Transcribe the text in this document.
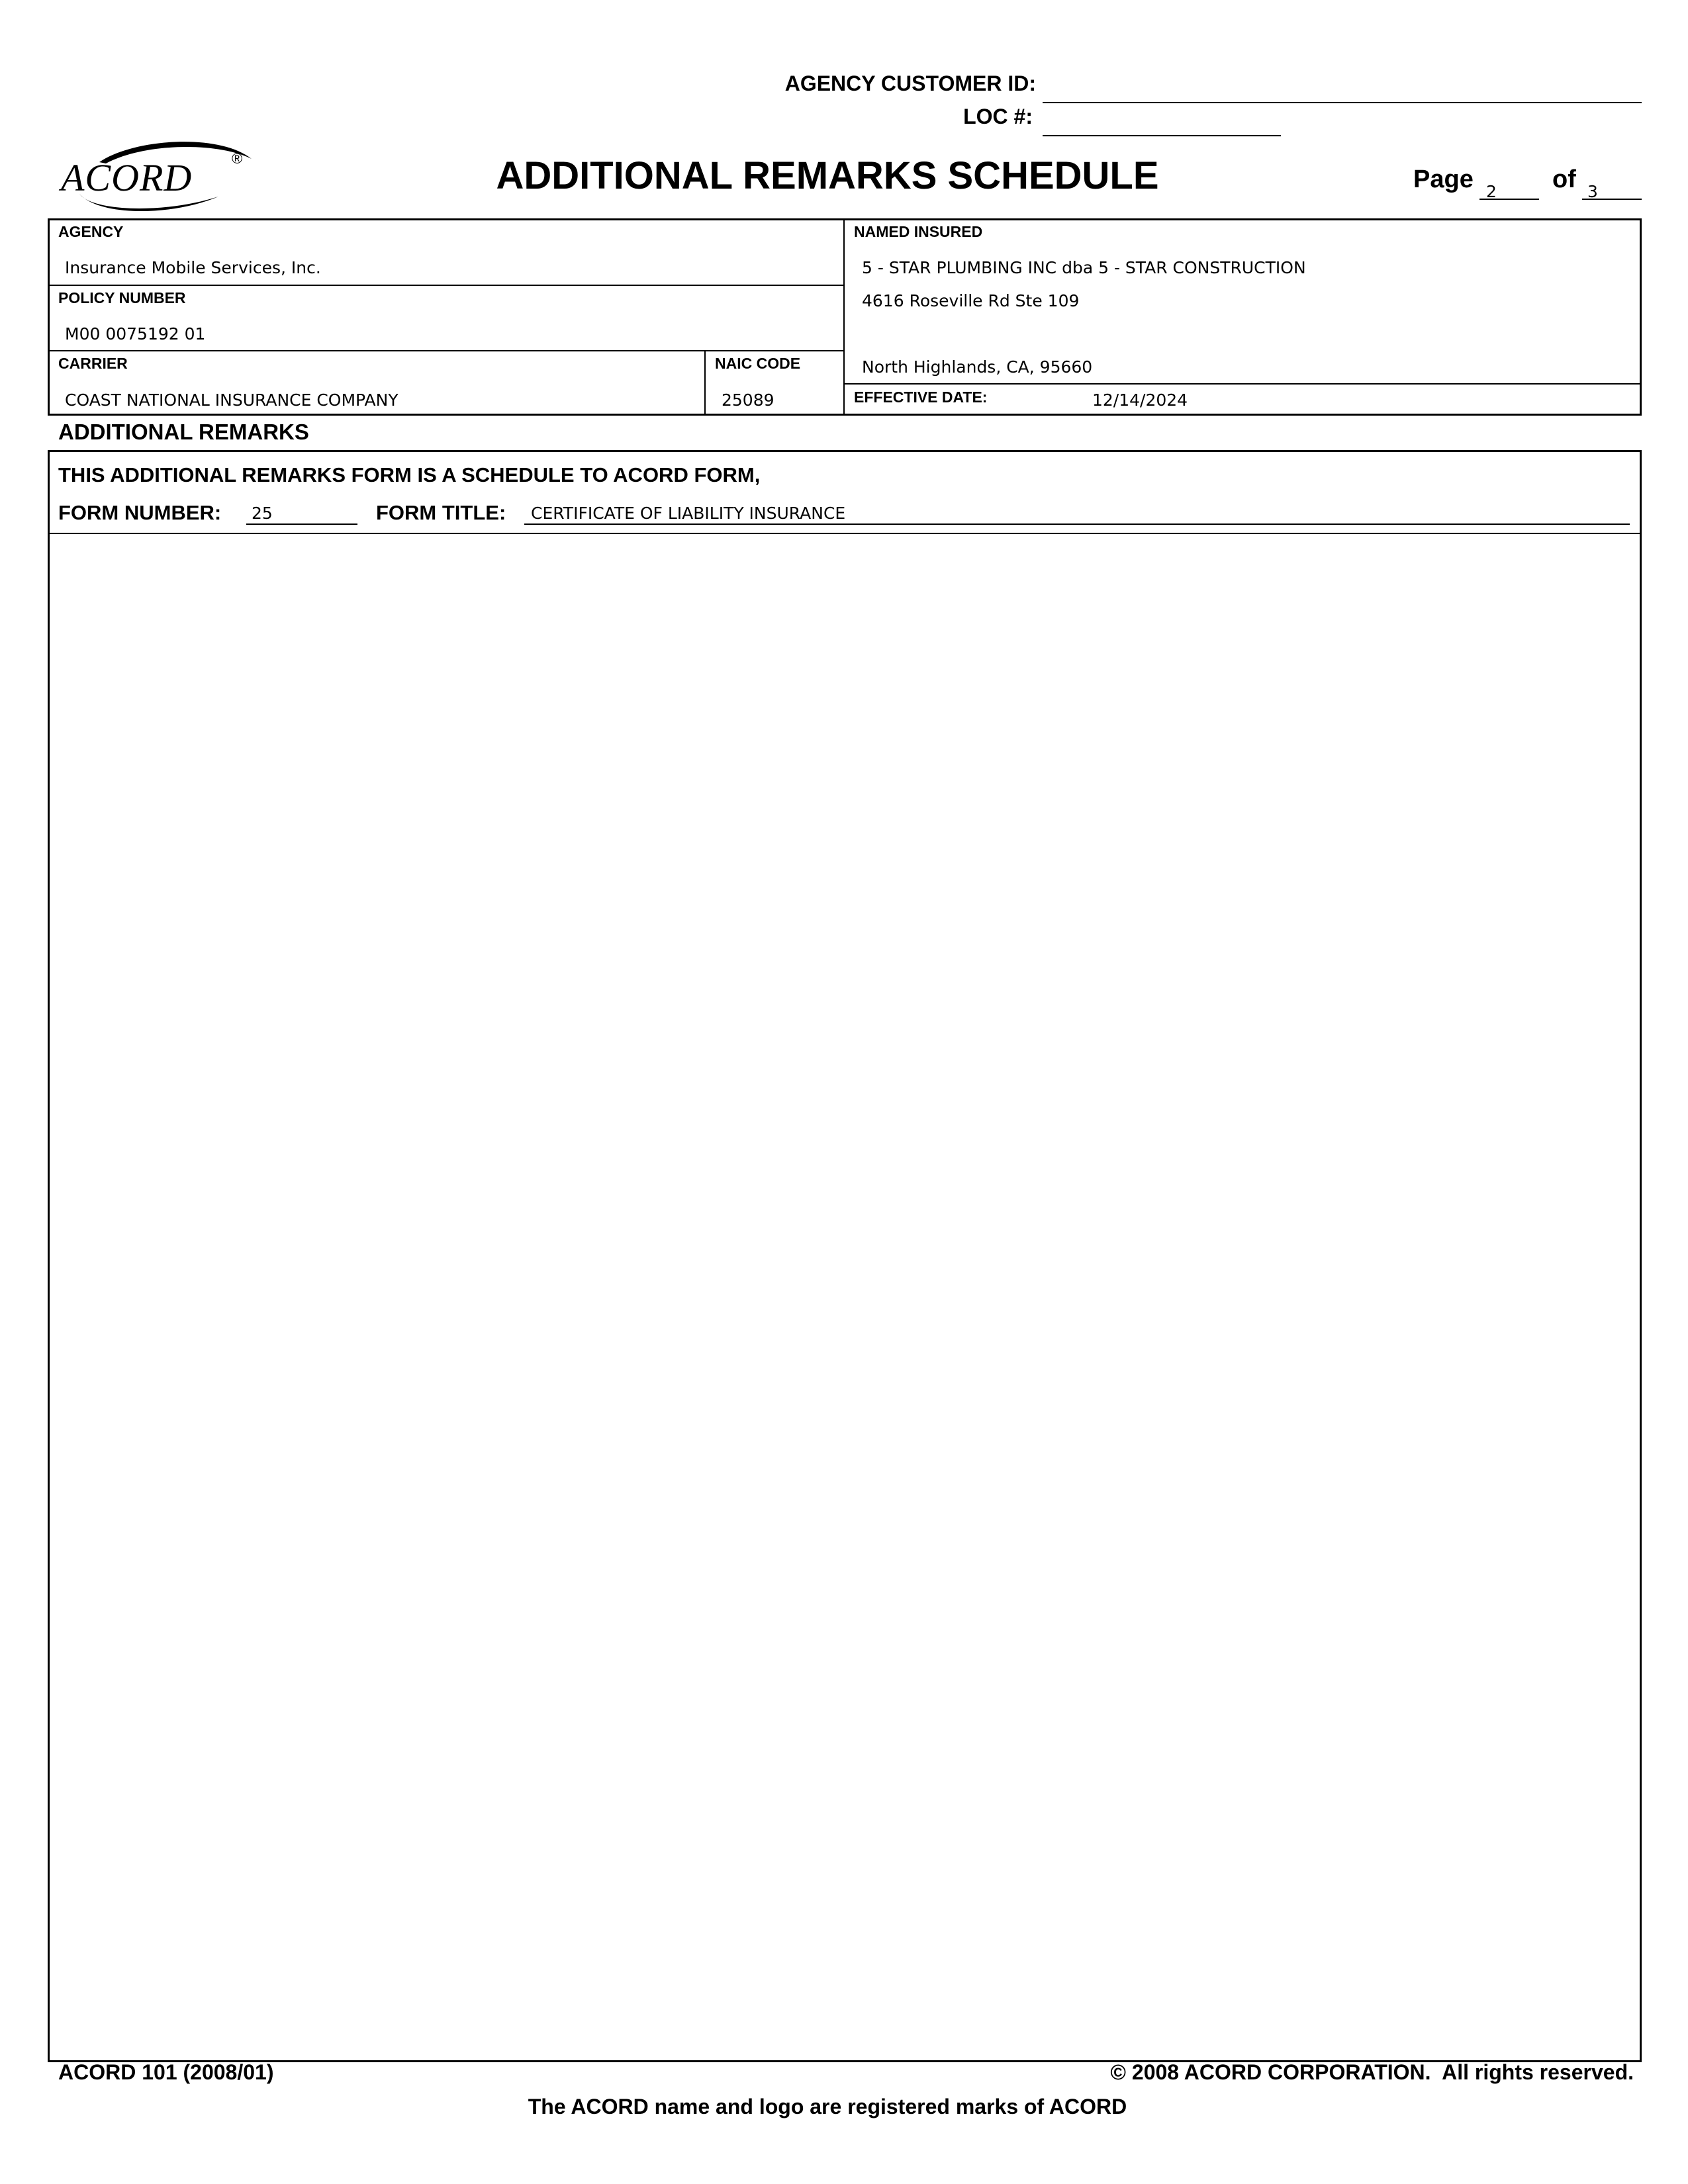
AGENCY CUSTOMER ID:
LOC #:
ACORD	®	ADDITIONAL REMARKS SCHEDULE	Page 2	of 3
AGENCY
Insurance Mobile Services, Inc.
POLICY NUMBER
M00 0075192 01
CARRIER
COAST NATIONAL INSURANCE COMPANY
NAIC CODE
25089
NAMED INSURED
5 - STAR PLUMBING INC dba 5 - STAR CONSTRUCTION
4616 Roseville Rd Ste 109
North Highlands, CA, 95660
EFFECTIVE DATE:	12/14/2024
ADDITIONAL REMARKS
THIS ADDITIONAL REMARKS FORM IS A SCHEDULE TO ACORD FORM,
FORM NUMBER:	25	FORM TITLE:	CERTIFICATE OF LIABILITY INSURANCE
ACORD 101 (2008/01)	© 2008 ACORD CORPORATION.  All rights reserved.
The ACORD name and logo are registered marks of ACORD
